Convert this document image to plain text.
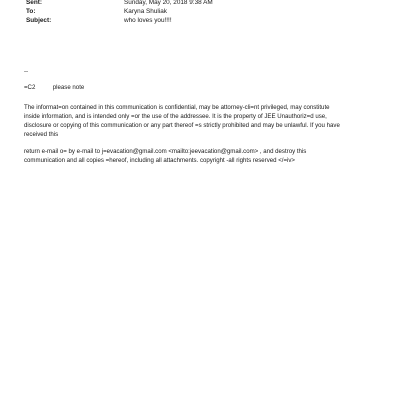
Sent:	Sunday, May 20, 2018 9:38 AM
To:	Karyna Shuliak
Subject:	who loves you!!!!
--
=C2	please note
The informat=on contained in this communication is confidential, may be attorney-cli=nt privileged, may constitute
inside information, and is intended only =or the use of the addressee. It is the property of JEE Unauthoriz=d use,
disclosure or copying of this communication or any part thereof =s strictly prohibited and may be unlawful. If you have
received this
return e-mail o= by e-mail to j=evacation@gmail.com <mailto:jeevacation@gmail.com> , and destroy this
communication and all copies =hereof, including all attachments. copyright -all rights reserved </=iv>
